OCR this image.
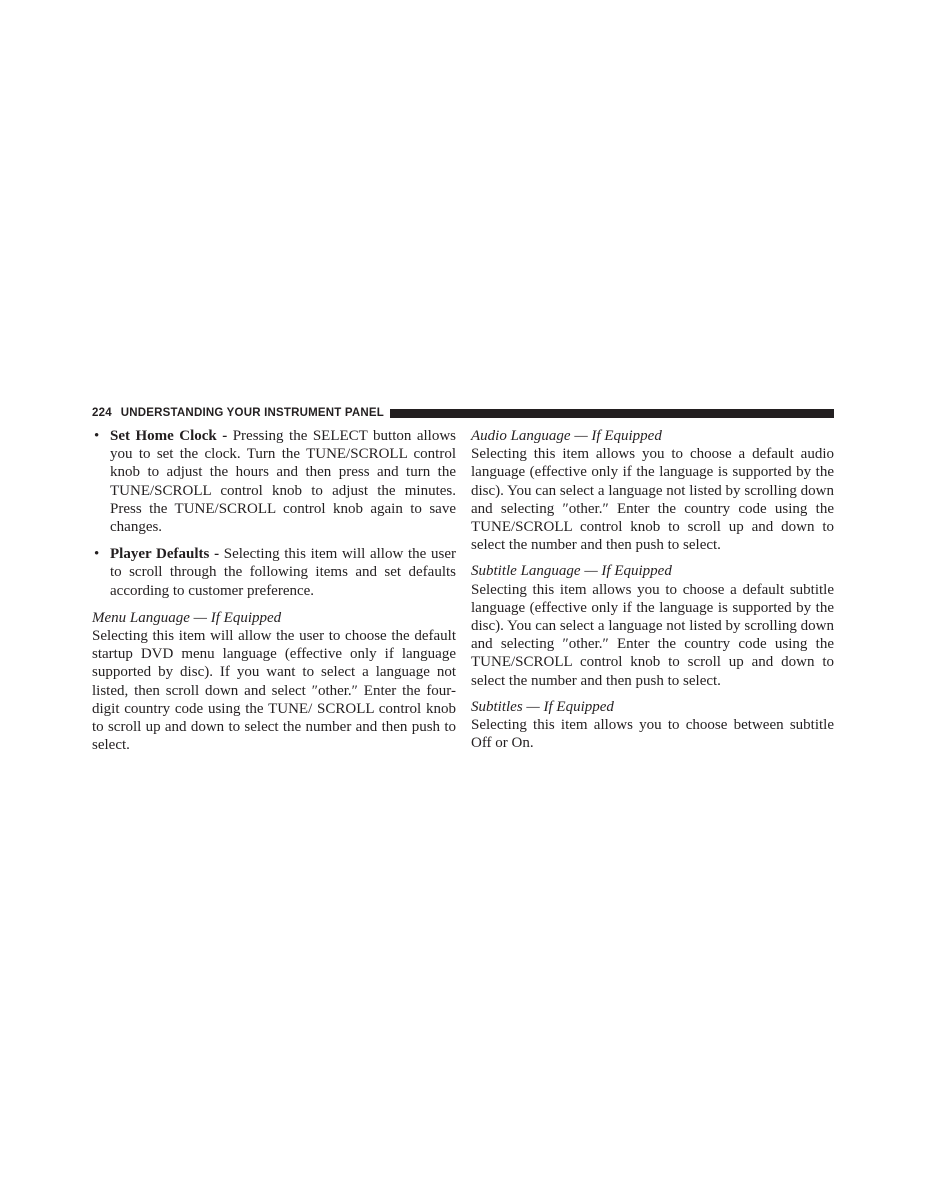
224 UNDERSTANDING YOUR INSTRUMENT PANEL
• Set Home Clock - Pressing the SELECT button allows you to set the clock. Turn the TUNE/SCROLL control knob to adjust the hours and then press and turn the TUNE/SCROLL control knob to adjust the minutes. Press the TUNE/SCROLL control knob again to save changes.
• Player Defaults - Selecting this item will allow the user to scroll through the following items and set defaults according to customer preference.

Menu Language — If Equipped

Selecting this item will allow the user to choose the default startup DVD menu language (effective only if language supported by disc). If you want to select a language not listed, then scroll down and select ″other.″ Enter the four-digit country code using the TUNE/ SCROLL control knob to scroll up and down to select the number and then push to select.

Audio Language — If Equipped

Selecting this item allows you to choose a default audio language (effective only if the language is supported by the disc). You can select a language not listed by scrolling down and selecting ″other.″ Enter the country code using the TUNE/SCROLL control knob to scroll up and down to select the number and then push to select.

Subtitle Language — If Equipped

Selecting this item allows you to choose a default subtitle language (effective only if the language is supported by the disc). You can select a language not listed by scrolling down and selecting ″other.″ Enter the country code using the TUNE/SCROLL control knob to scroll up and down to select the number and then push to select.

Subtitles — If Equipped

Selecting this item allows you to choose between subtitle Off or On.
